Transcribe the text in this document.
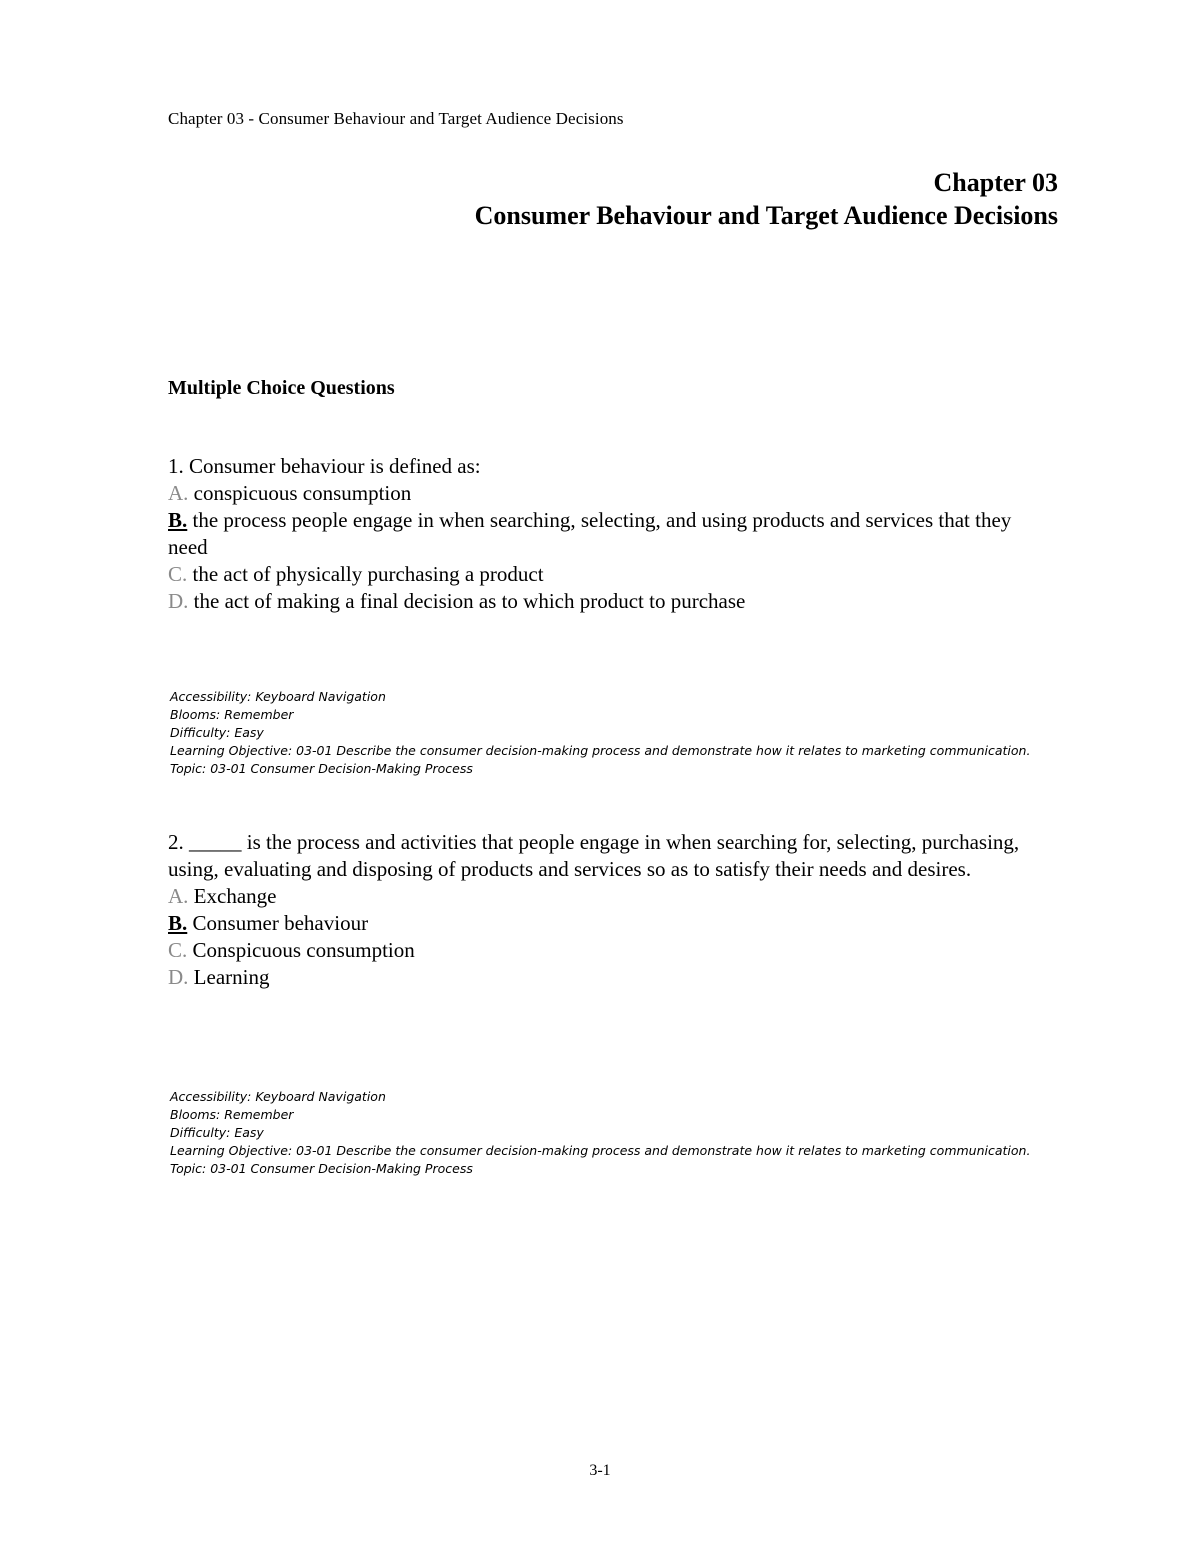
Chapter 03 - Consumer Behaviour and Target Audience Decisions
Chapter 03
Consumer Behaviour and Target Audience Decisions
Multiple Choice Questions
1. Consumer behaviour is defined as:
A. conspicuous consumption
B. the process people engage in when searching, selecting, and using products and services that they need
C. the act of physically purchasing a product
D. the act of making a final decision as to which product to purchase
Accessibility: Keyboard Navigation
Blooms: Remember
Difficulty: Easy
Learning Objective: 03-01 Describe the consumer decision-making process and demonstrate how it relates to marketing communication.
Topic: 03-01 Consumer Decision-Making Process
2. _____ is the process and activities that people engage in when searching for, selecting, purchasing, using, evaluating and disposing of products and services so as to satisfy their needs and desires.
A. Exchange
B. Consumer behaviour
C. Conspicuous consumption
D. Learning
Accessibility: Keyboard Navigation
Blooms: Remember
Difficulty: Easy
Learning Objective: 03-01 Describe the consumer decision-making process and demonstrate how it relates to marketing communication.
Topic: 03-01 Consumer Decision-Making Process
3-1
